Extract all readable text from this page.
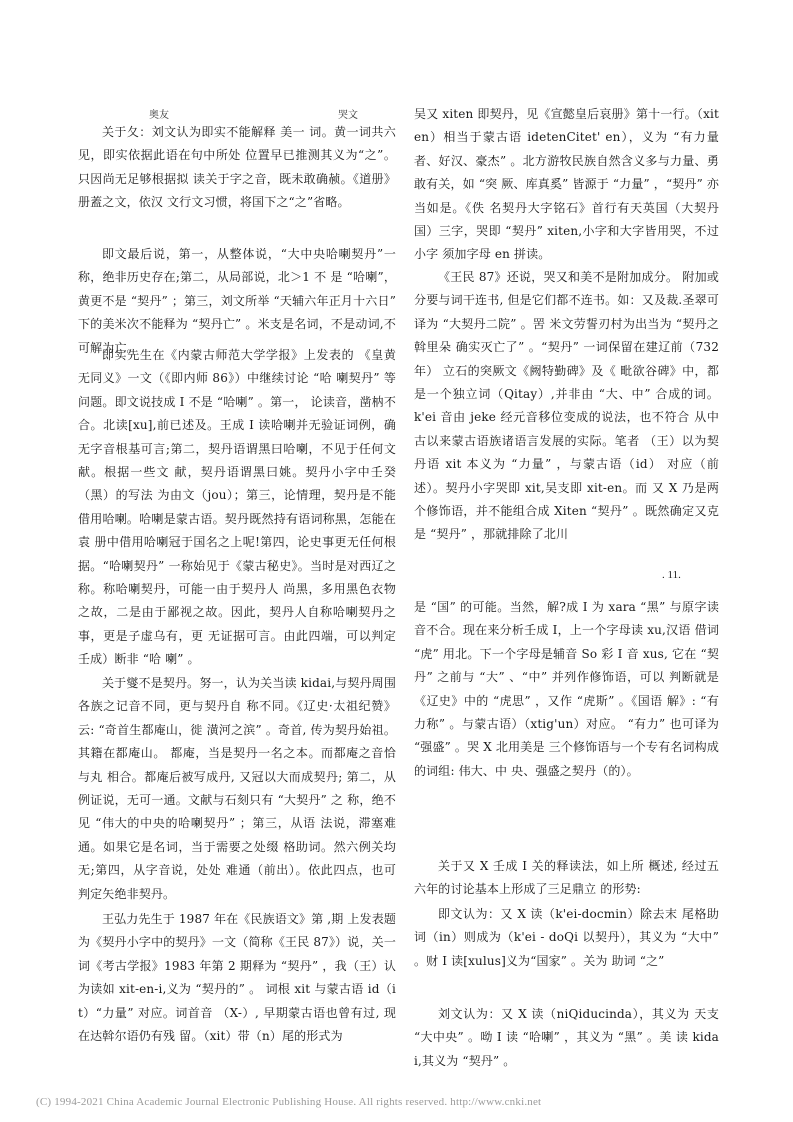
奥友	哭文

关于夂：刘文认为即实不能解释 美一 词。黄一词共六见，即实依据此语在句中所处 位置早已推测其义为“之”。只因尚无足够根据拟 读关于字之音，既未敢确赪。《道册》册蓋之文，依汉 文行文习惯，将国下之“之”省略。

即文最后说，第一，从整体说，“大中央哈喇契丹”一称，绝非历史存在;第二，从局部说，北＞1 不 是 “哈喇”，黄更不是 “契丹” ；第三，刘文所举 “天辅六年正月十六日” 下的美米次不能释为 “契丹亡” 。米支是名词，不是动词,不可解为亡。

即实先生在《内蒙古师范大学学报》上发表的 《皇黄无同义》一文（《即内师 86》）中继续讨论 “哈 喇契丹” 等问题。即文说技成 I 不是 “哈喇” 。第一， 论读音，凿枘不合。北读[xu],前已述及。王成 I 读哈喇并无验证词例，确无字音根基可言;第二，契丹语谓黑曰哈喇，不见于任何文献。根据一些文 献，契丹语谓黑曰姚。契丹小字中壬癸（黑）的写法 为由文（jou）；第三，论情理，契丹是不能借用哈喇。哈喇是蒙古语。契丹既然持有语词称黑，怎能在袁 册中借用哈喇冠于国名之上呢!第四，论史事更无任何根据。“哈喇契丹” 一称始见于《蒙古秘史》。当时是对西辽之称。称哈喇契丹，可能一由于契丹人 尚黑，多用黑色衣物之故，二是由于鄙视之故。因此，契丹人自称哈喇契丹之事，更是子虚乌有，更 无证据可言。由此四端，可以判定壬成）断非 “哈 喇” 。

关于燮不是契丹。努一，认为关当读 kidai,与契丹周围各族之记音不同，更与契丹自 称不同。《辽史·太祖纪赞》云: “奇首生都庵山，徙 潢河之滨” 。奇首, 传为契丹始祖。其籍在都庵山。 都庵，当是契丹一名之本。而都庵之音恰与丸 相合。都庵后被写成丹, 又冠以大而成契丹; 第二，从例证说，无可一通。文献与石刻只有 “大契丹” 之 称，绝不见 “伟大的中央的哈喇契丹” ；第三，从语 法说，滞塞难通。如果它是名词，当于需要之处缀 格助词。然六例关均无;第四，从字音说，处处 难通（前出）。依此四点，也可判定矢绝非契丹。

王弘力先生于 1987 年在《民族语文》第 ,期 上发表题为《契丹小字中的契丹》一文（简称《王民 87》）说，关一词《考古学报》1983 年第 2 期释为 “契丹” ，我（王）认为读如 xit-en-i,义为 “契丹的” 。 词根 xit 与蒙古语 id（it）“力量” 对应。词首音 （X-）, 早期蒙古语也曾有过, 现在达斡尔语仍有残 留。（xit）带（n）尾的形式为

吴又 xiten 即契丹，见《宣懿皇后哀册》第十一行。（xiten）相当于蒙古语 idetenCitet' en），义为 “有力量者、好汉、豪杰” 。北方游牧民族自然含义多与力量、勇敢有关，如 “突 厥、库真奚” 皆源于 “力量” ，“契丹” 亦当如是。《佚 名契丹大字铭石》首行有天英国（大契丹国）三字，哭即 “契丹” xiten,小字和大字皆用哭，不过小字 须加字母 en 拼读。

《王民 87》还说，哭又和美不是附加成分。 附加或分要与词干连书, 但是它们都不连书。如：又及裁.圣翠可译为 “大契丹二院” 。罟 米文劳誓刃村为出当为 “契丹之斡里朵 确实灭亡了” 。“契丹” 一词保留在建辽前（732 年） 立石的突厥文《阙特勤碑》及《 毗欲谷碑》中，都是一个独立词（Qitay）,并非由 “大、中” 合成的词。 k'ei 音由 jeke 经元音移位变成的说法，也不符合 从中古以来蒙古语族诸语言发展的实际。笔者 （王）以为契丹语 xit 本义为 “力量” ，与蒙古语（id） 对应（前述）。契丹小字哭即 xit,吴支即 xit-en。而 又 X 乃是两个修饰语，并不能组合成 Xiten “契丹” 。既然确定又克是 “契丹” ，那就排除了北川

. 11.

是 “国” 的可能。当然，解?成 I 为 xara “黑” 与原字读 音不合。现在来分析壬成 I，上一个字母读 xu,汉语 借词 “虎” 用北。下一个字母是辅音 So 彩 I 音 xus, 它在 “契丹” 之前与 “大” 、“中” 并列作修饰语，可以 判断就是《辽史》中的 “虎思” ，又作 “虎斯” 。《国语 解》: “有力称” 。与蒙古语）（xtig'un）对应。 “有力” 也可译为 “强盛” 。哭 X 北用美是 三个修饰语与一个专有名词构成的词组: 伟大、中 央、强盛之契丹（的）。

关于又 X 壬成 I 关的释读法，如上所 概述, 经过五六年的讨论基本上形成了三足鼎立 的形势:

即文认为：又 X 读（k'ei-docmin）除去末 尾格助词（in）则成为（k'ei - doQi 以契丹），其义为 “大中” 。财 I 读[xulus]义为“国家” 。关为 助词 “之”

刘文认为：又 X 读（niQiducinda），其义为 天支 “大中央” 。呦 I 读 “哈喇” ，其义为 “黑” 。美 读 kidai,其义为 “契丹” 。

(C) 1994-2021 China Academic Journal Electronic Publishing House. All rights reserved. http://www.cnki.net
